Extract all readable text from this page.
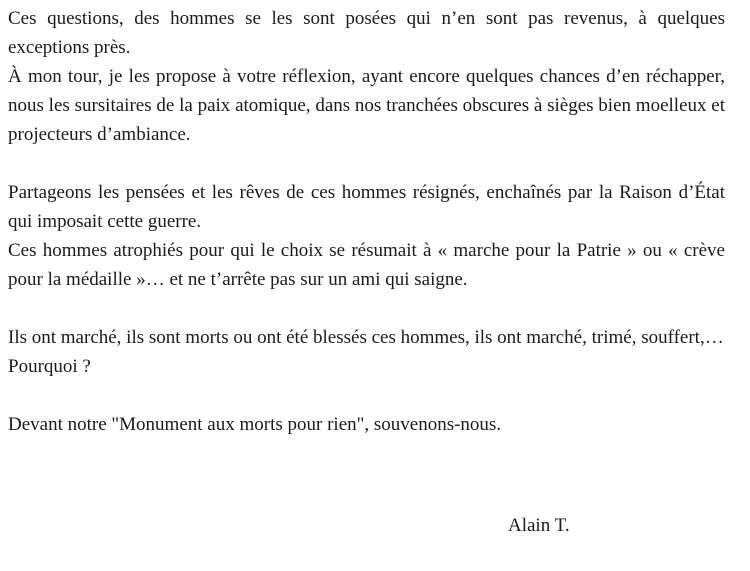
Ces questions, des hommes se les sont posées qui n’en sont pas revenus, à quelques exceptions près.

À mon tour, je les propose à votre réflexion, ayant encore quelques chances d’en réchapper, nous les sursitaires de la paix atomique, dans nos tranchées obscures à sièges bien moelleux et projecteurs d’ambiance.

Partageons les pensées et les rêves de ces hommes résignés, enchaînés par la Raison d’État qui imposait cette guerre.

Ces hommes atrophiés pour qui le choix se résumait à « marche pour la Patrie » ou « crève pour la médaille »… et ne t’arrête pas sur un ami qui saigne.

Ils ont marché, ils sont morts ou ont été blessés ces hommes, ils ont marché, trimé, souffert,…

Pourquoi ?

Devant notre "Monument aux morts pour rien", souvenons-nous.

Alain T.
